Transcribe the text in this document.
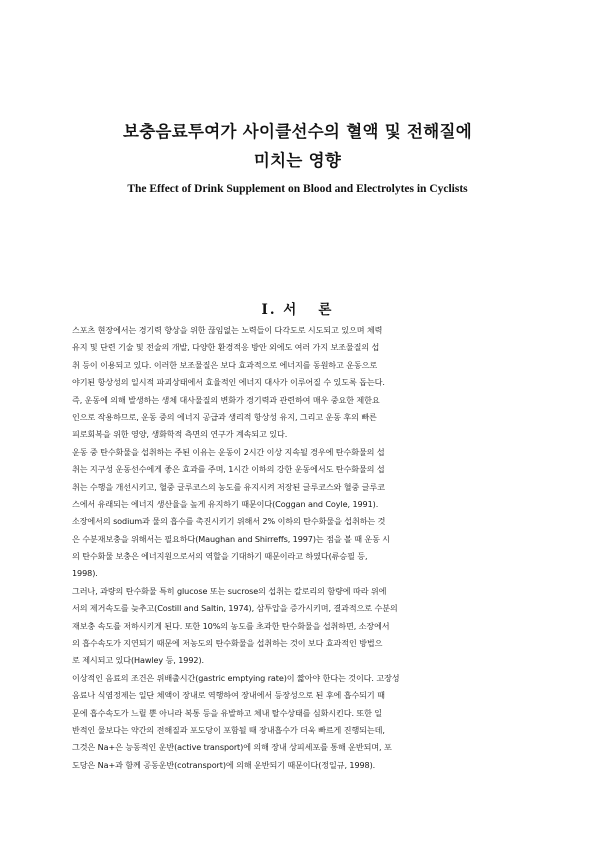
보충음료투여가 사이클선수의 혈액 및 전해질에
미치는 영향
The Effect of Drink Supplement on Blood and Electrolytes in Cyclists
Ⅰ. 서   론
스포츠 현장에서는 경기력 향상을 위한 끊임없는 노력들이 다각도로 시도되고 있으며 체력
유지 및 단련 기술 및 전술의 개발, 다양한 환경적응 방안 외에도 여러 가지 보조물질의 섭
취 등이 이용되고 있다. 이러한 보조물질은 보다 효과적으로 에너지를 동원하고 운동으로
야기된 항상성의 일시적 파괴상태에서 효율적인 에너지 대사가 이루어질 수 있도록 돕는다.
즉, 운동에 의해 발생하는 생체 대사물질의 변화가 경기력과 관련하여 매우 중요한 제한요
인으로 작용하므로, 운동 중의 에너지 공급과 생리적 항상성 유지, 그리고 운동 후의 빠른
피로회복을 위한 영양, 생화학적 측면의 연구가 계속되고 있다.
운동 중 탄수화물을 섭취하는 주된 이유는 운동이 2시간 이상 지속될 경우에 탄수화물의 섭
취는 지구성 운동선수에게 좋은 효과를 주며, 1시간 이하의 강한 운동에서도 탄수화물의 섭
취는 수행을 개선시키고, 혈중 글루코스의 농도를 유지시켜 저장된 글루코스와 혈중 글루코
스에서 유래되는 에너지 생산율을 높게 유지하기 때문이다(Coggan and Coyle, 1991).
소장에서의 sodium과 물의 흡수를 촉진시키기 위해서 2% 이하의 탄수화물을 섭취하는 것
은 수분재보충을 위해서는 필요하다(Maughan and Shirreffs, 1997)는 점을 볼 때 운동 시
의 탄수화물 보충은 에너지원으로서의 역할을 기대하기 때문이라고 하였다(류승필 등,
1998).
그러나, 과량의 탄수화물 특히 glucose 또는 sucrose의 섭취는 칼로리의 함량에 따라 위에
서의 제거속도를 늦추고(Costill and Saltin, 1974), 삼투압을 증가시키며, 결과적으로 수분의
재보충 속도를 저하시키게 된다. 또한 10%의 농도를 초과한 탄수화물을 섭취하면, 소장에서
의 흡수속도가 지연되기 때문에 저농도의 탄수화물을 섭취하는 것이 보다 효과적인 방법으
로 제시되고 있다(Hawley 등, 1992).
이상적인 음료의 조건은 위배출시간(gastric emptying rate)이 짧아야 한다는 것이다. 고장성
음료나 식염정제는 일단 체액이 장내로 역행하여 장내에서 등장성으로 된 후에 흡수되기 때
문에 흡수속도가 느릴 뿐 아니라 복통 등을 유발하고 체내 탈수상태를 심화시킨다. 또한 일
반적인 물보다는 약간의 전해질과 포도당이 포함될 때 장내흡수가 더욱 빠르게 진행되는데,
그것은 Na+은 능동적인 운반(active transport)에 의해 장내 상피세포를 통해 운반되며, 포
도당은 Na+과 함께 공동운반(cotransport)에 의해 운반되기 때문이다(정일규, 1998).
